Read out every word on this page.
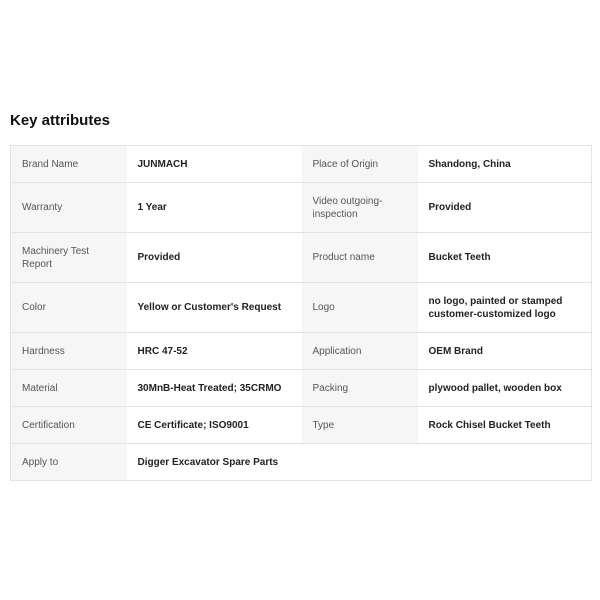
Key attributes
Brand Name	JUNMACH	Place of Origin	Shandong, China
Warranty	1 Year	Video outgoing-inspection	Provided
Machinery Test Report	Provided	Product name	Bucket Teeth
Color	Yellow or Customer's Request	Logo	no logo, painted or stamped customer-customized logo
Hardness	HRC 47-52	Application	OEM Brand
Material	30MnB-Heat Treated; 35CRMO	Packing	plywood pallet, wooden box
Certification	CE Certificate; ISO9001	Type	Rock Chisel Bucket Teeth
Apply to	Digger Excavator Spare Parts		
